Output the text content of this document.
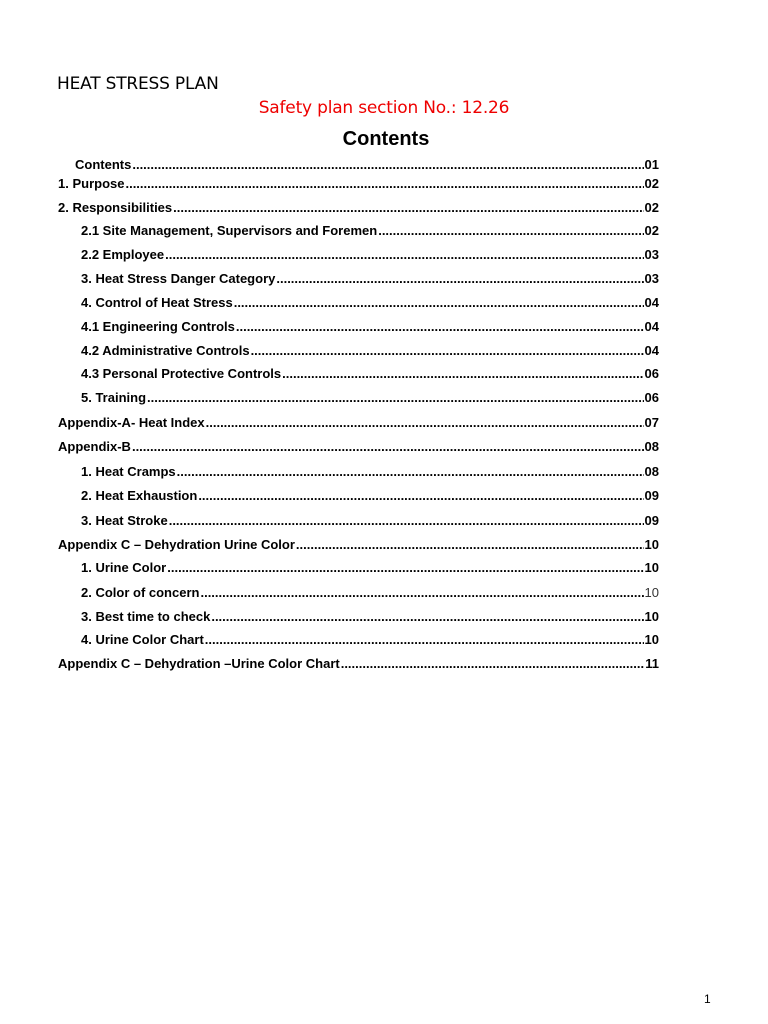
HEAT STRESS PLAN
Safety plan section No.: 12.26
Contents
Contents .....	01
1. Purpose .....	02
2. Responsibilities .....	02
2.1 Site Management, Supervisors and Foremen .....	02
2.2 Employee .....	03
3. Heat Stress Danger Category .....	03
4. Control of Heat Stress .....	04
4.1 Engineering Controls .....	04
4.2 Administrative Controls .....	04
4.3 Personal Protective Controls .....	06
5. Training .....	06
Appendix-A- Heat Index .....	07
Appendix-B .....	08
1. Heat Cramps .....	08
2. Heat Exhaustion .....	09
3. Heat Stroke .....	09
Appendix C – Dehydration Urine Color .....	10
1. Urine Color .....	10
2. Color of concern .....	10
3. Best time to check .....	10
4. Urine Color Chart .....	10
Appendix C – Dehydration –Urine Color Chart .....	11
1
